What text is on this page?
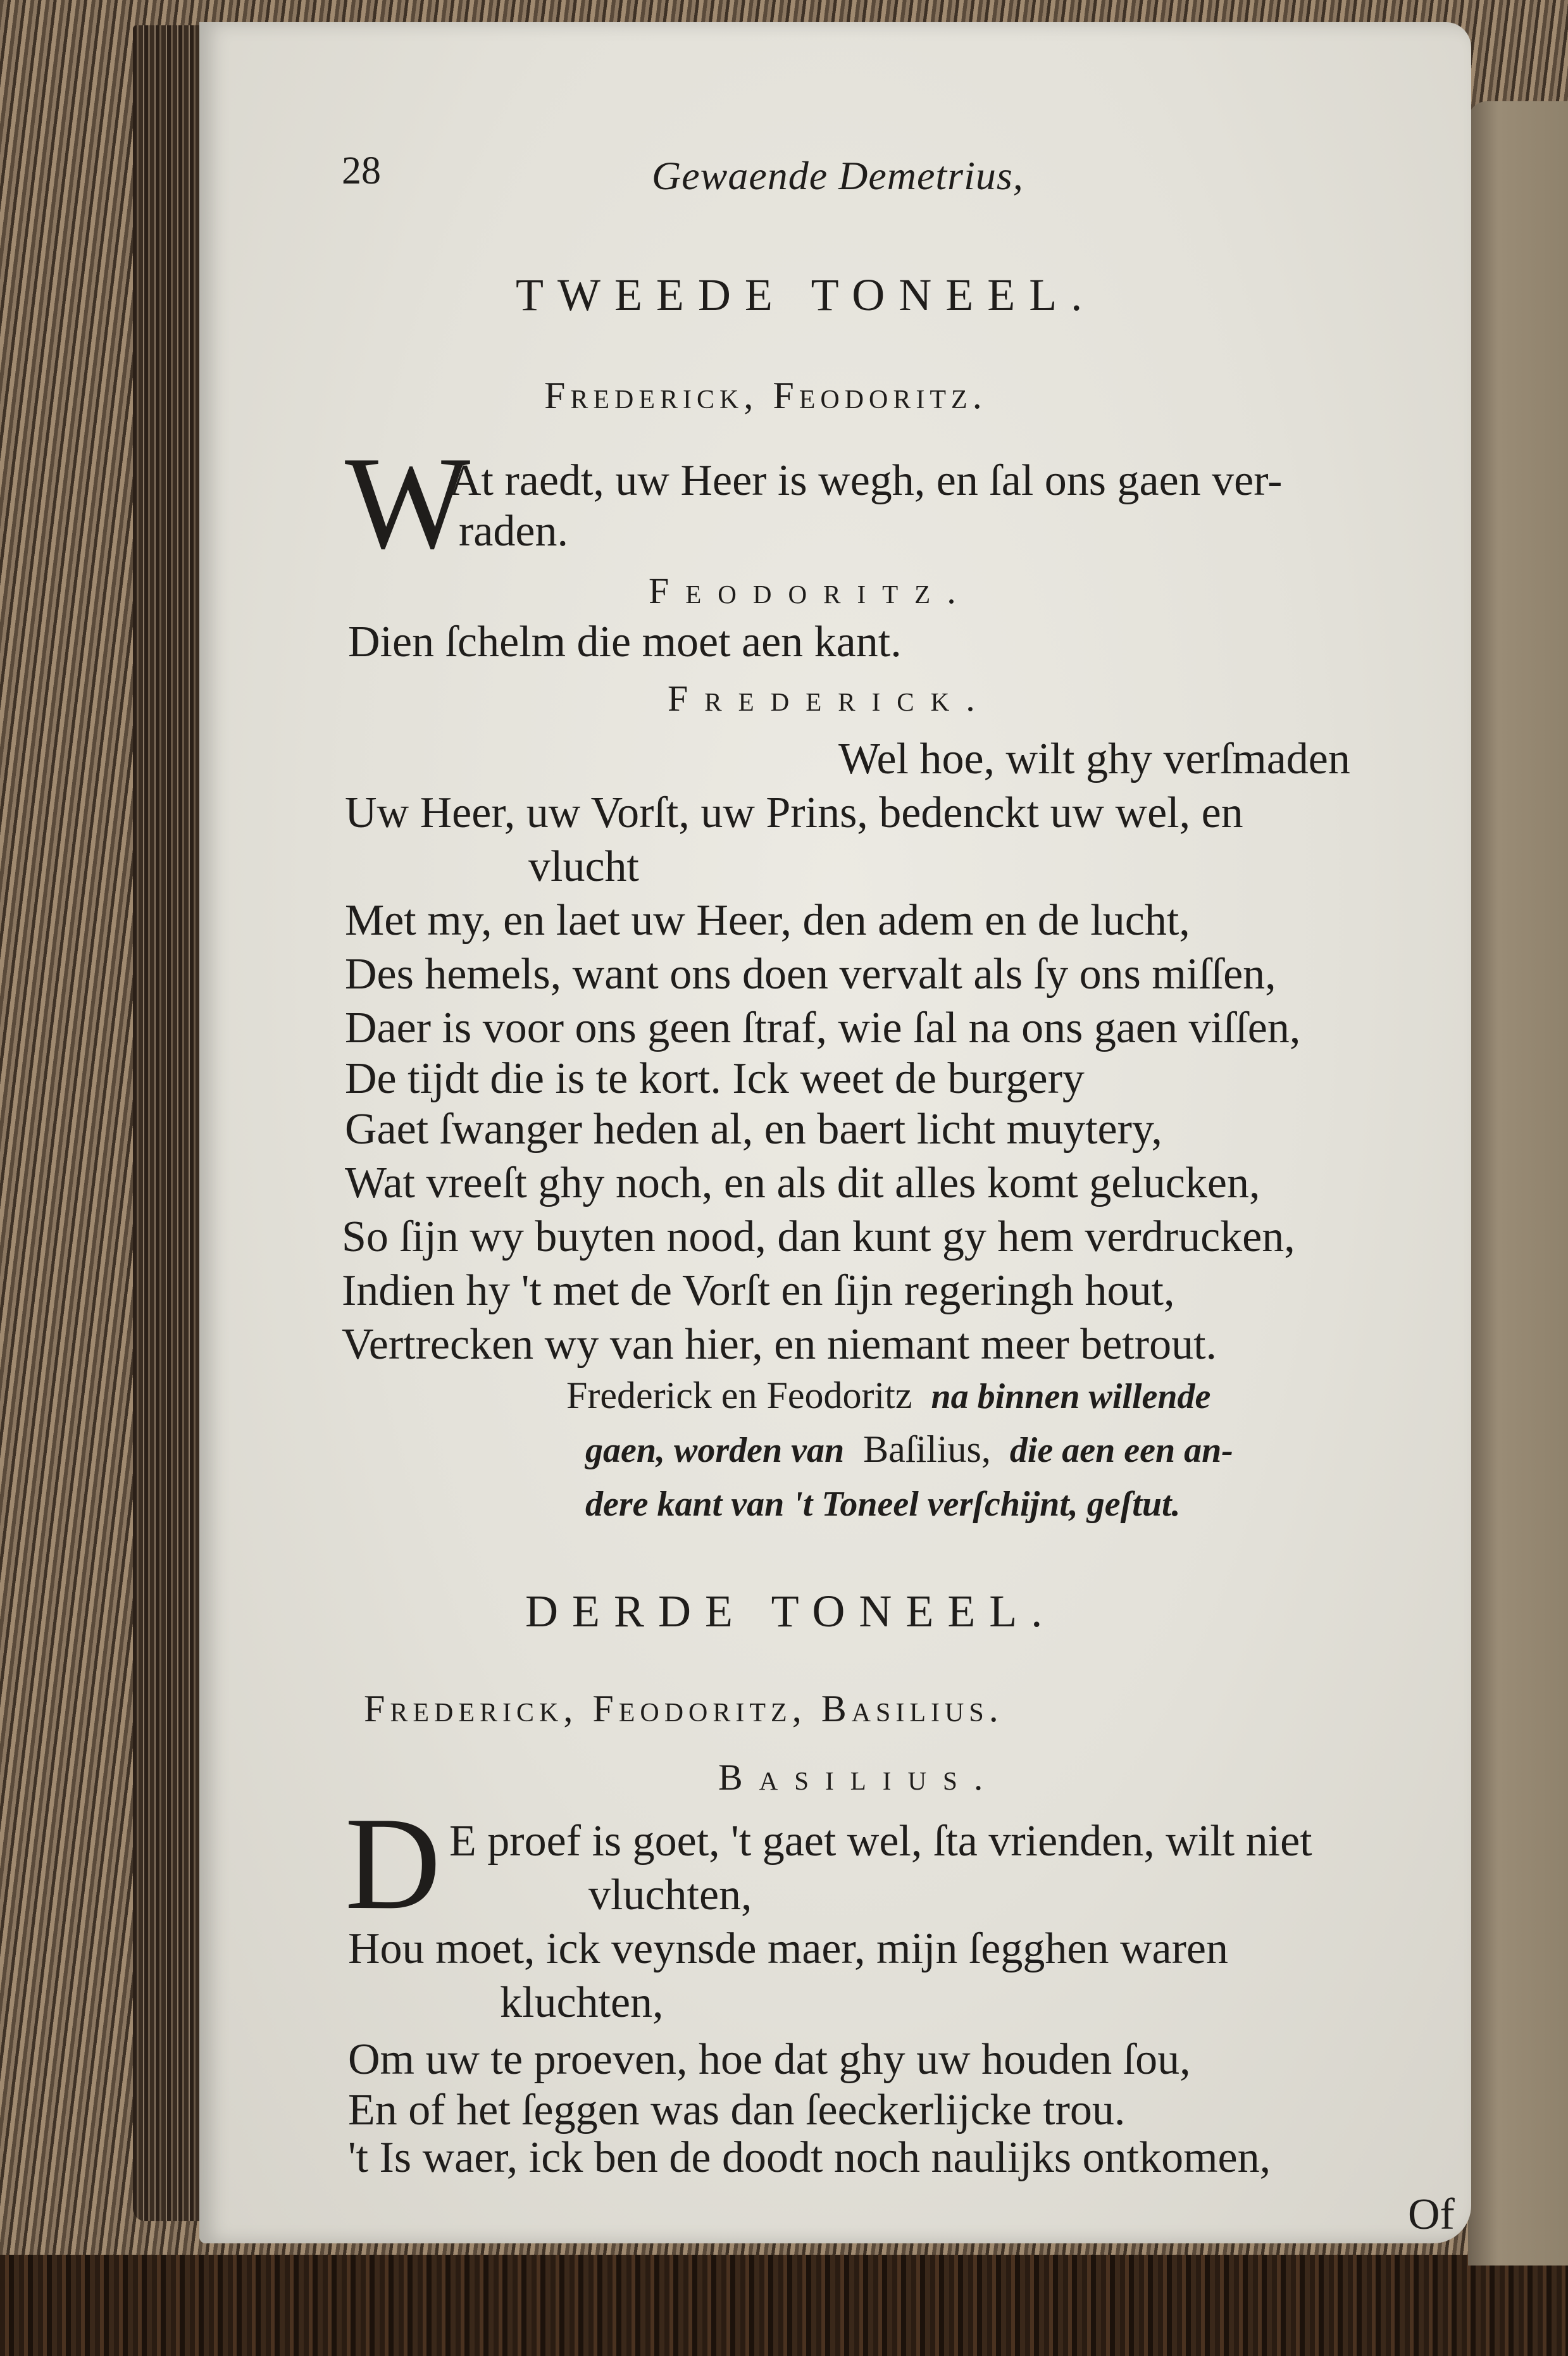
28	Gewaende Demetrius,
TWEEDE TONEEL.
Frederick, Feodoritz.
W
At raedt, uw Heer is wegh, en ſal ons gaen ver-
raden.
Feodoritz.
Dien ſchelm die moet aen kant.
Frederick.
Wel hoe, wilt ghy verſmaden
Uw Heer, uw Vorſt, uw Prins, bedenckt uw wel, en
vlucht
Met my, en laet uw Heer, den adem en de lucht,
Des hemels, want ons doen vervalt als ſy ons miſſen,
Daer is voor ons geen ſtraf, wie ſal na ons gaen viſſen,
De tijdt die is te kort. Ick weet de burgery
Gaet ſwanger heden al, en baert licht muytery,
Wat vreeſt ghy noch, en als dit alles komt gelucken,
So ſijn wy buyten nood, dan kunt gy hem verdrucken,
Indien hy 't met de Vorſt en ſijn regeringh hout,
Vertrecken wy van hier, en niemant meer betrout.
Frederick en Feodoritz na binnen willende
gaen, worden van Baſilius, die aen een an-
dere kant van 't Toneel verſchijnt, geſtut.
DERDE TONEEL.
Frederick, Feodoritz, Baſilius.
Basilius.
D E proef is goet, 't gaet wel, ſta vrienden, wilt niet
vluchten,
Hou moet, ick veynsde maer, mijn ſegghen waren
kluchten,
Om uw te proeven, hoe dat ghy uw houden ſou,
En of het ſeggen was dan ſeeckerlijcke trou.
't Is waer, ick ben de doodt noch naulijks ontkomen,
Of
